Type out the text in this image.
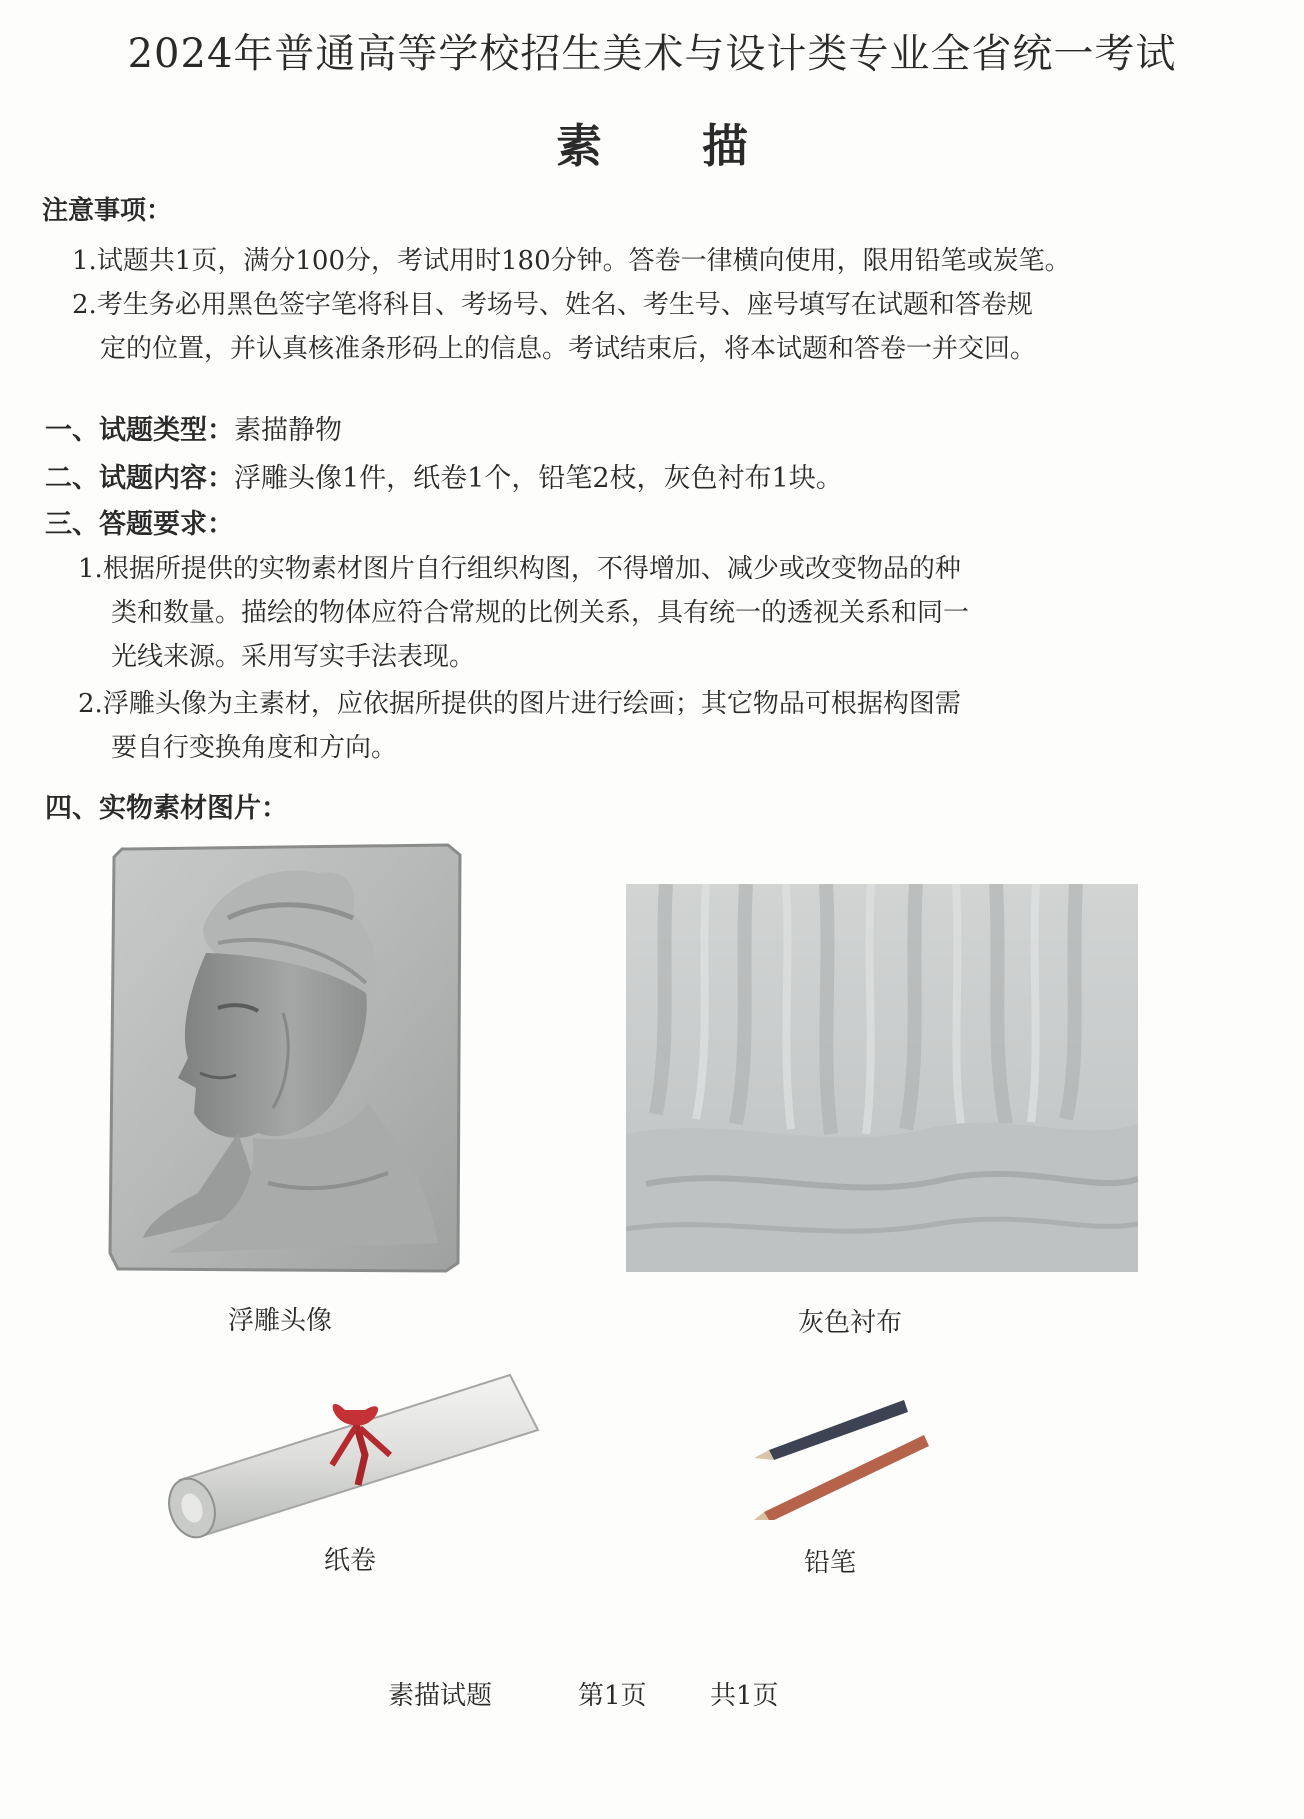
2024年普通高等学校招生美术与设计类专业全省统一考试
素 描
注意事项：
1.试题共1页，满分100分，考试用时180分钟。答卷一律横向使用，限用铅笔或炭笔。
2.考生务必用黑色签字笔将科目、考场号、姓名、考生号、座号填写在试题和答卷规
定的位置，并认真核准条形码上的信息。考试结束后，将本试题和答卷一并交回。
一、试题类型：素描静物
二、试题内容：浮雕头像1件，纸卷1个，铅笔2枝，灰色衬布1块。
三、答题要求：
1.根据所提供的实物素材图片自行组织构图，不得增加、减少或改变物品的种
类和数量。描绘的物体应符合常规的比例关系，具有统一的透视关系和同一
光线来源。采用写实手法表现。
2.浮雕头像为主素材，应依据所提供的图片进行绘画；其它物品可根据构图需
要自行变换角度和方向。
四、实物素材图片：
浮雕头像	灰色衬布
纸卷	铅笔
素描试题	第1页 共1页
